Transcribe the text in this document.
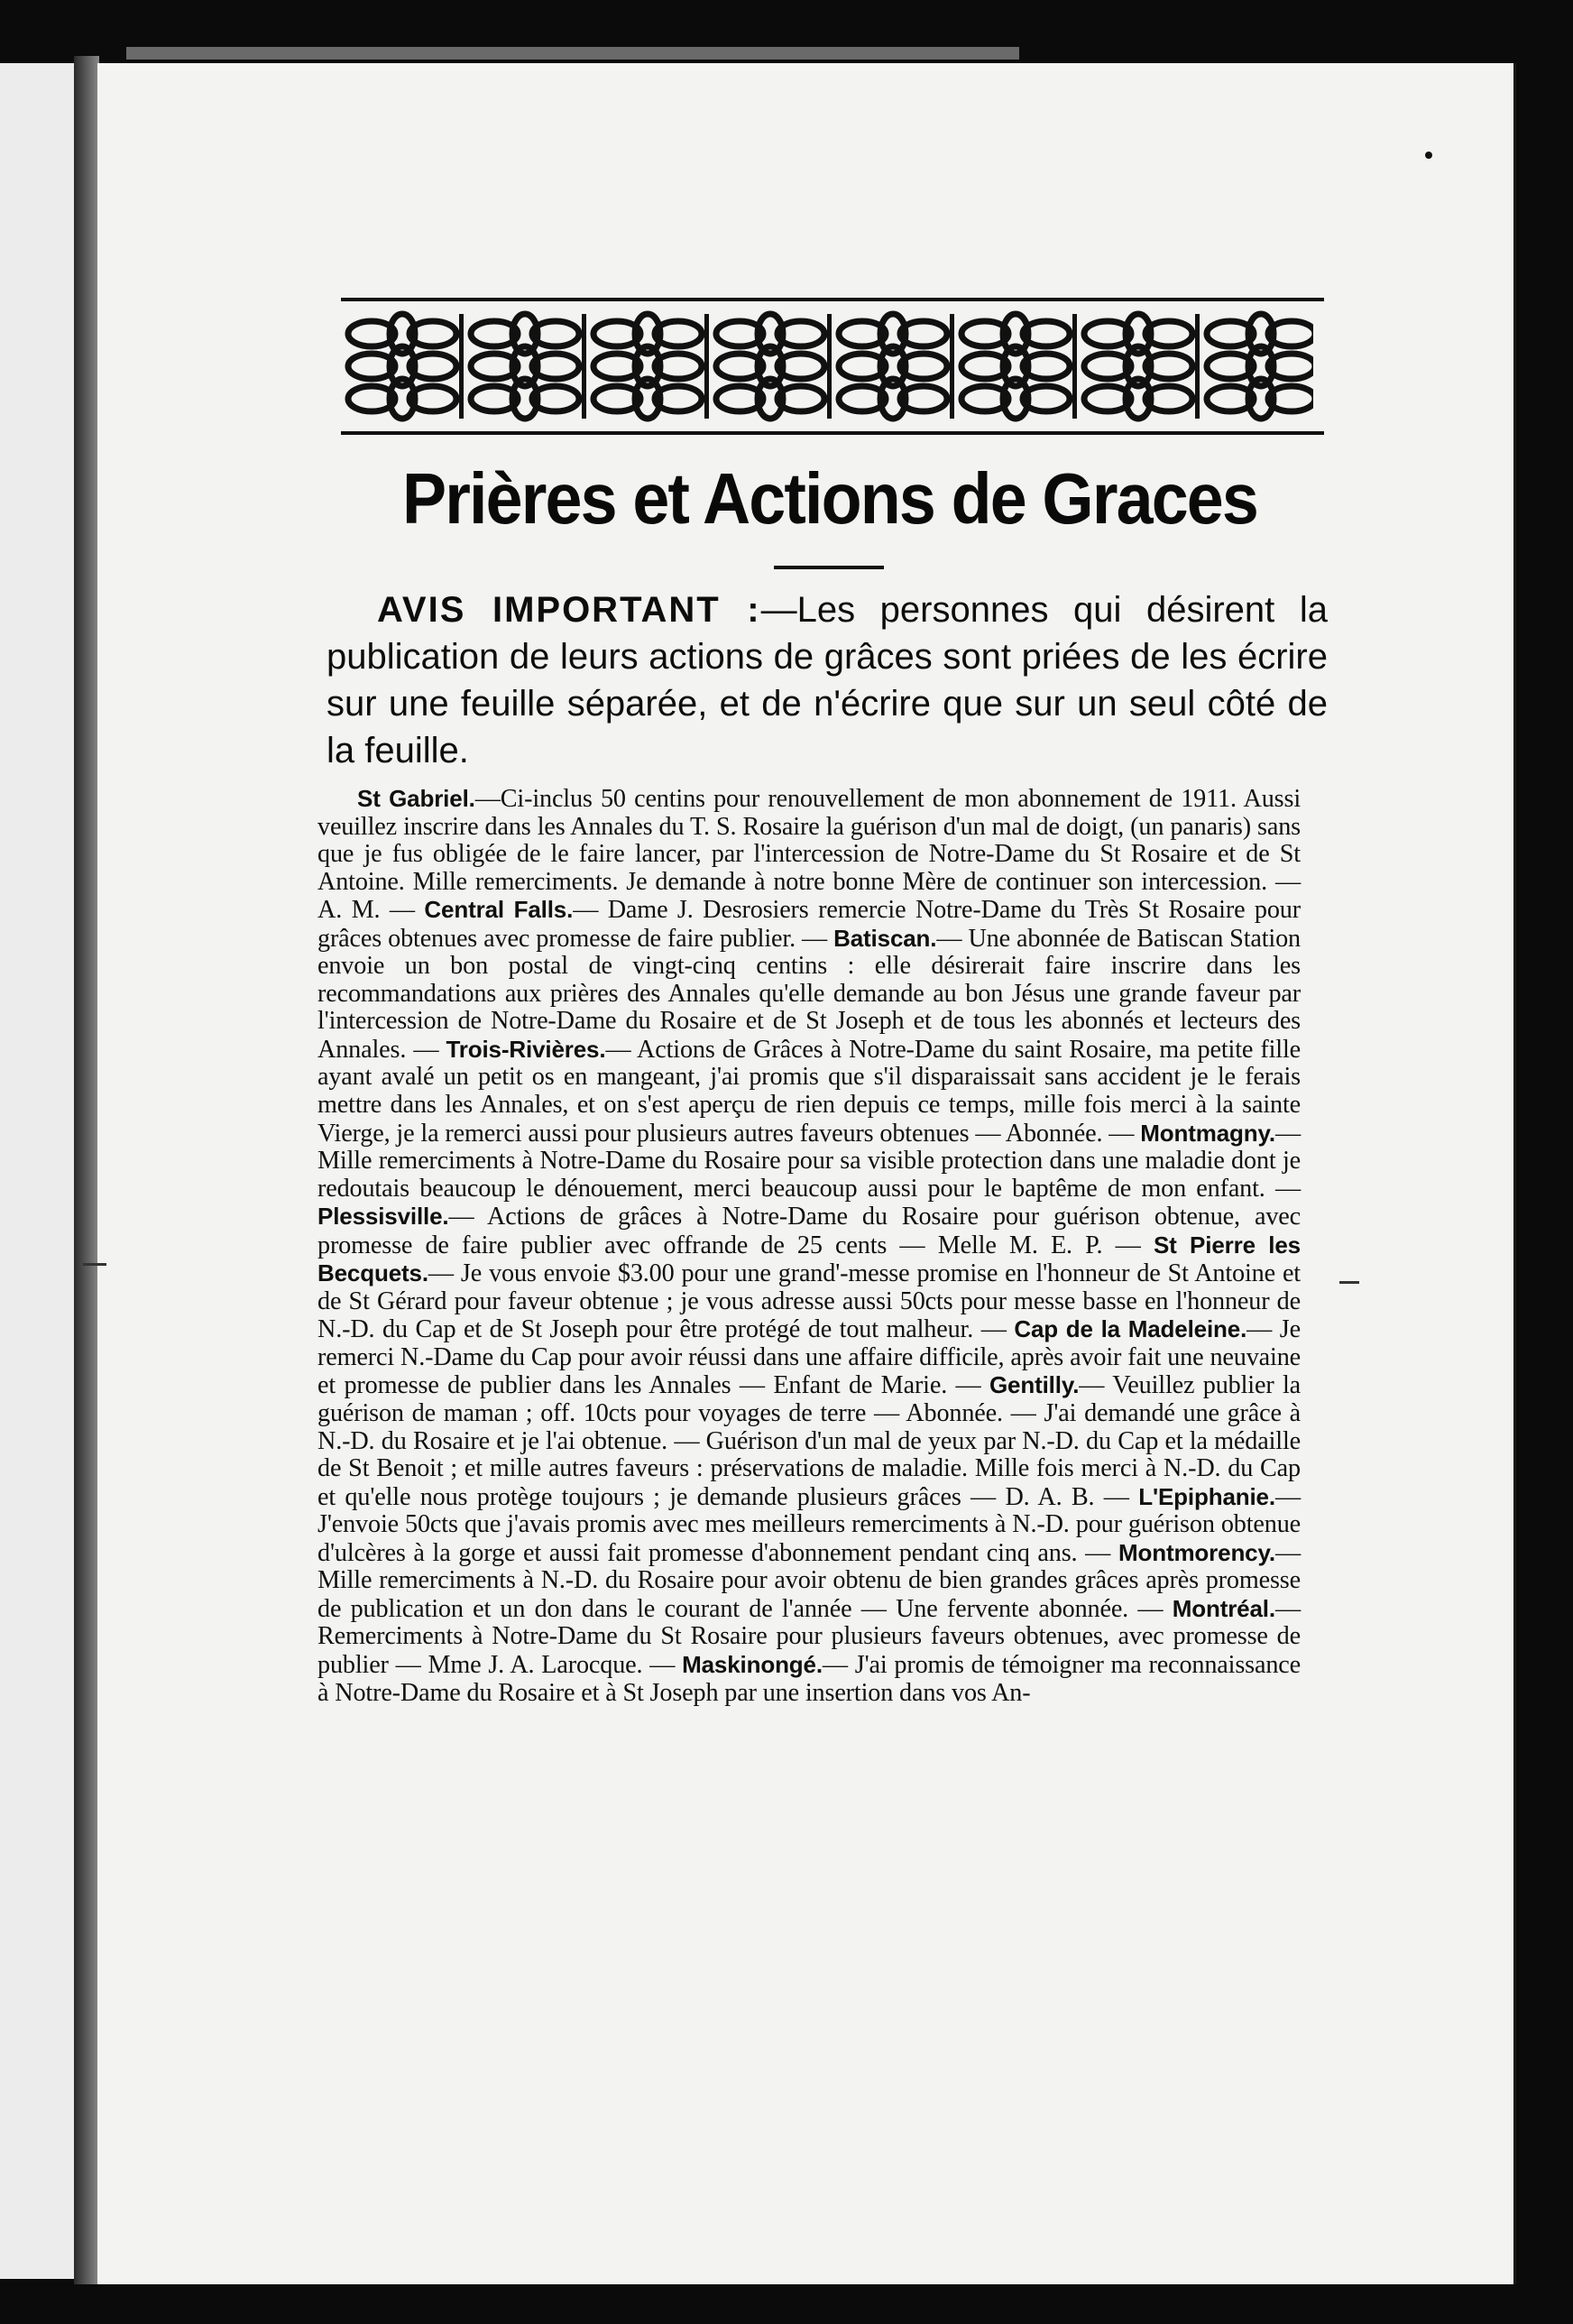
Prières et Actions de Graces

AVIS IMPORTANT :—Les personnes qui désirent la publication de leurs actions de grâces sont priées de les écrire sur une feuille séparée, et de n'écrire que sur un seul côté de la feuille.

St Gabriel.—Ci-inclus 50 centins pour renouvellement de mon abonnement de 1911. Aussi veuillez inscrire dans les Annales du T. S. Rosaire la guérison d'un mal de doigt, (un panaris) sans que je fus obligée de le faire lancer, par l'intercession de Notre-Dame du St Rosaire et de St Antoine. Mille remerciments. Je demande à notre bonne Mère de continuer son intercession. — A. M. — Central Falls.— Dame J. Desrosiers remercie Notre-Dame du Très St Rosaire pour grâces obtenues avec promesse de faire publier. — Batiscan.— Une abonnée de Batiscan Station envoie un bon postal de vingt-cinq centins : elle désirerait faire inscrire dans les recommandations aux prières des Annales qu'elle demande au bon Jésus une grande faveur par l'intercession de Notre-Dame du Rosaire et de St Joseph et de tous les abonnés et lecteurs des Annales. — Trois-Rivières.— Actions de Grâces à Notre-Dame du saint Rosaire, ma petite fille ayant avalé un petit os en mangeant, j'ai promis que s'il disparaissait sans accident je le ferais mettre dans les Annales, et on s'est aperçu de rien depuis ce temps, mille fois merci à la sainte Vierge, je la remerci aussi pour plusieurs autres faveurs obtenues — Abonnée. — Montmagny.— Mille remerciments à Notre-Dame du Rosaire pour sa visible protection dans une maladie dont je redoutais beaucoup le dénouement, merci beaucoup aussi pour le baptême de mon enfant. — Plessisville.— Actions de grâces à Notre-Dame du Rosaire pour guérison obtenue, avec promesse de faire publier avec offrande de 25 cents — Melle M. E. P. — St Pierre les Becquets.— Je vous envoie $3.00 pour une grand'-messe promise en l'honneur de St Antoine et de St Gérard pour faveur obtenue ; je vous adresse aussi 50cts pour messe basse en l'honneur de N.-D. du Cap et de St Joseph pour être protégé de tout malheur. — Cap de la Madeleine.— Je remerci N.-Dame du Cap pour avoir réussi dans une affaire difficile, après avoir fait une neuvaine et promesse de publier dans les Annales — Enfant de Marie. — Gentilly.— Veuillez publier la guérison de maman ; off. 10cts pour voyages de terre — Abonnée. — J'ai demandé une grâce à N.-D. du Rosaire et je l'ai obtenue. — Guérison d'un mal de yeux par N.-D. du Cap et la médaille de St Benoit ; et mille autres faveurs : préservations de maladie. Mille fois merci à N.-D. du Cap et qu'elle nous protège toujours ; je demande plusieurs grâces — D. A. B. — L'Epiphanie.— J'envoie 50cts que j'avais promis avec mes meilleurs remerciments à N.-D. pour guérison obtenue d'ulcères à la gorge et aussi fait promesse d'abonnement pendant cinq ans. — Montmorency.— Mille remerciments à N.-D. du Rosaire pour avoir obtenu de bien grandes grâces après promesse de publication et un don dans le courant de l'année — Une fervente abonnée. — Montréal.— Remerciments à Notre-Dame du St Rosaire pour plusieurs faveurs obtenues, avec promesse de publier — Mme J. A. Larocque. — Maskinongé.— J'ai promis de témoigner ma reconnaissance à Notre-Dame du Rosaire et à St Joseph par une insertion dans vos An-
